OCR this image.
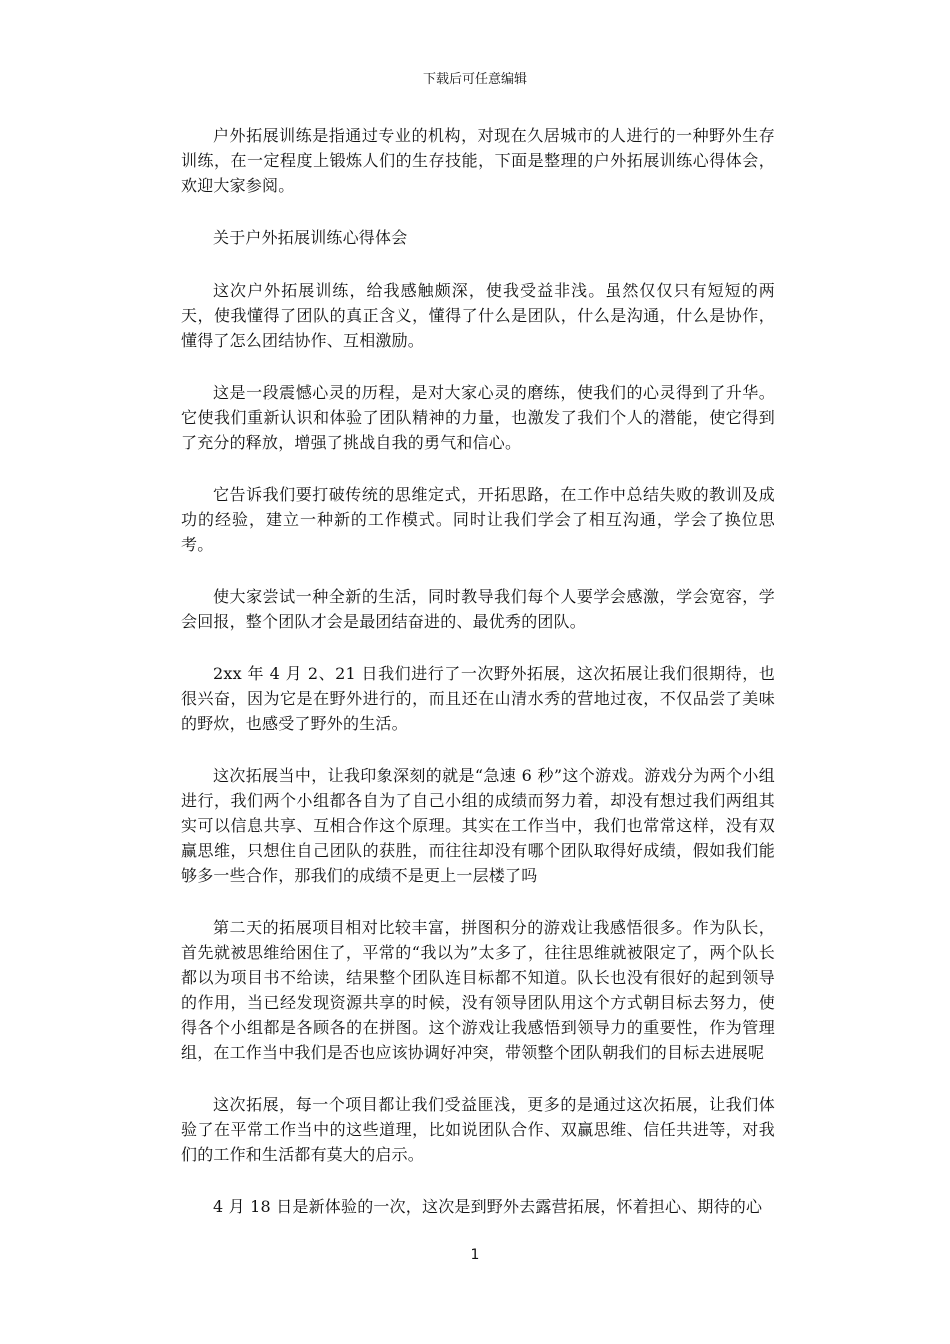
下载后可任意编辑

户外拓展训练是指通过专业的机构，对现在久居城市的人进行的一种野外生存训练，在一定程度上锻炼人们的生存技能，下面是整理的户外拓展训练心得体会，欢迎大家参阅。

关于户外拓展训练心得体会

这次户外拓展训练，给我感触颇深，使我受益非浅。虽然仅仅只有短短的两天，使我懂得了团队的真正含义，懂得了什么是团队，什么是沟通，什么是协作，懂得了怎么团结协作、互相激励。

这是一段震憾心灵的历程，是对大家心灵的磨练，使我们的心灵得到了升华。它使我们重新认识和体验了团队精神的力量，也激发了我们个人的潜能，使它得到了充分的释放，增强了挑战自我的勇气和信心。

它告诉我们要打破传统的思维定式，开拓思路，在工作中总结失败的教训及成功的经验，建立一种新的工作模式。同时让我们学会了相互沟通，学会了换位思考。

使大家尝试一种全新的生活，同时教导我们每个人要学会感激，学会宽容，学会回报，整个团队才会是最团结奋进的、最优秀的团队。

2xx 年 4 月 2、21 日我们进行了一次野外拓展，这次拓展让我们很期待，也很兴奋，因为它是在野外进行的，而且还在山清水秀的营地过夜，不仅品尝了美味的野炊，也感受了野外的生活。

这次拓展当中，让我印象深刻的就是“急速 6 秒”这个游戏。游戏分为两个小组进行，我们两个小组都各自为了自己小组的成绩而努力着，却没有想过我们两组其实可以信息共享、互相合作这个原理。其实在工作当中，我们也常常这样，没有双赢思维，只想住自己团队的获胜，而往往却没有哪个团队取得好成绩，假如我们能够多一些合作，那我们的成绩不是更上一层楼了吗

第二天的拓展项目相对比较丰富，拼图积分的游戏让我感悟很多。作为队长，首先就被思维给困住了，平常的“我以为”太多了，往往思维就被限定了，两个队长都以为项目书不给读，结果整个团队连目标都不知道。队长也没有很好的起到领导的作用，当已经发现资源共享的时候，没有领导团队用这个方式朝目标去努力，使得各个小组都是各顾各的在拼图。这个游戏让我感悟到领导力的重要性，作为管理组，在工作当中我们是否也应该协调好冲突，带领整个团队朝我们的目标去进展呢

这次拓展，每一个项目都让我们受益匪浅，更多的是通过这次拓展，让我们体验了在平常工作当中的这些道理，比如说团队合作、双赢思维、信任共进等，对我们的工作和生活都有莫大的启示。

4 月 18 日是新体验的一次，这次是到野外去露营拓展，怀着担心、期待的心

1
